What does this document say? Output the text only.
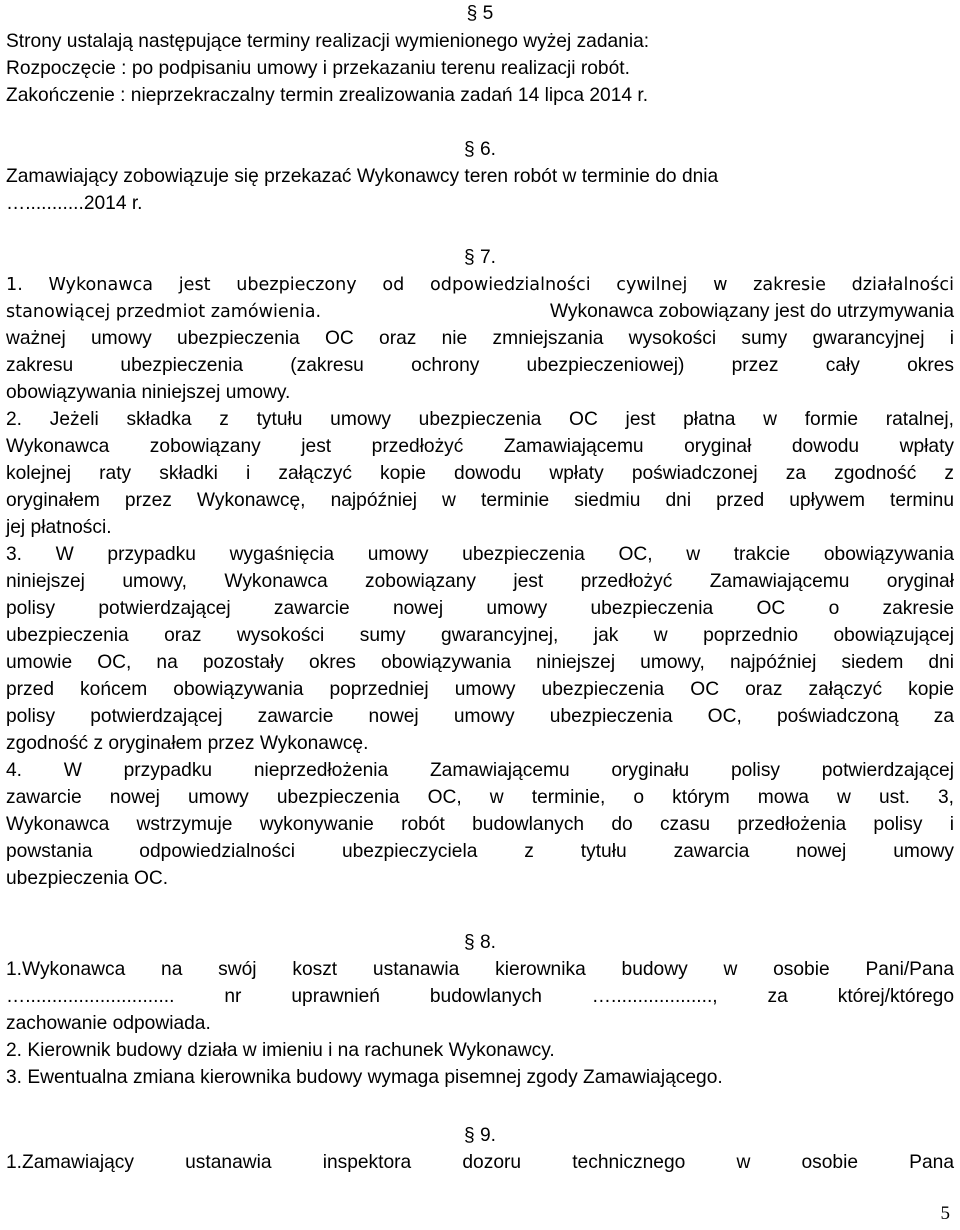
§ 5
Strony ustalają następujące terminy realizacji wymienionego wyżej zadania:
Rozpoczęcie : po podpisaniu umowy i przekazaniu terenu realizacji robót.
Zakończenie : nieprzekraczalny termin zrealizowania zadań 14 lipca 2014 r.
§ 6.
Zamawiający zobowiązuje się przekazać Wykonawcy teren robót w terminie do dnia
…...........2014 r.
§ 7.
1. Wykonawca jest ubezpieczony od odpowiedzialności cywilnej w zakresie działalności
stanowiącej przedmiot zamówienia.	Wykonawca zobowiązany jest do utrzymywania
ważnej umowy ubezpieczenia OC oraz nie zmniejszania wysokości sumy gwarancyjnej i
zakresu ubezpieczenia (zakresu ochrony ubezpieczeniowej) przez cały okres
obowiązywania niniejszej umowy.
2. Jeżeli składka z tytułu umowy ubezpieczenia OC jest płatna w formie ratalnej,
Wykonawca zobowiązany jest przedłożyć Zamawiającemu oryginał dowodu wpłaty
kolejnej raty składki i załączyć kopie dowodu wpłaty poświadczonej za zgodność z
oryginałem przez Wykonawcę, najpóźniej w terminie siedmiu dni przed upływem terminu
jej płatności.
3. W przypadku wygaśnięcia umowy ubezpieczenia OC, w trakcie obowiązywania
niniejszej umowy, Wykonawca zobowiązany jest przedłożyć Zamawiającemu oryginał
polisy potwierdzającej zawarcie nowej umowy ubezpieczenia OC o zakresie
ubezpieczenia oraz wysokości sumy gwarancyjnej, jak w poprzednio obowiązującej
umowie OC, na pozostały okres obowiązywania niniejszej umowy, najpóźniej siedem dni
przed końcem obowiązywania poprzedniej umowy ubezpieczenia OC oraz załączyć kopie
polisy potwierdzającej zawarcie nowej umowy ubezpieczenia OC, poświadczoną za
zgodność z oryginałem przez Wykonawcę.
4. W przypadku nieprzedłożenia Zamawiającemu oryginału polisy potwierdzającej
zawarcie nowej umowy ubezpieczenia OC, w terminie, o którym mowa w ust. 3,
Wykonawca wstrzymuje wykonywanie robót budowlanych do czasu przedłożenia polisy i
powstania odpowiedzialności ubezpieczyciela z tytułu zawarcia nowej umowy
ubezpieczenia OC.
§ 8.
1.Wykonawca na swój koszt ustanawia kierownika budowy w osobie Pani/Pana
…............................ nr uprawnień budowlanych …..................., za której/którego
zachowanie odpowiada.
2. Kierownik budowy działa w imieniu i na rachunek Wykonawcy.
3. Ewentualna zmiana kierownika budowy wymaga pisemnej zgody Zamawiającego.
§ 9.
1.Zamawiający ustanawia inspektora dozoru technicznego w osobie Pana
5
